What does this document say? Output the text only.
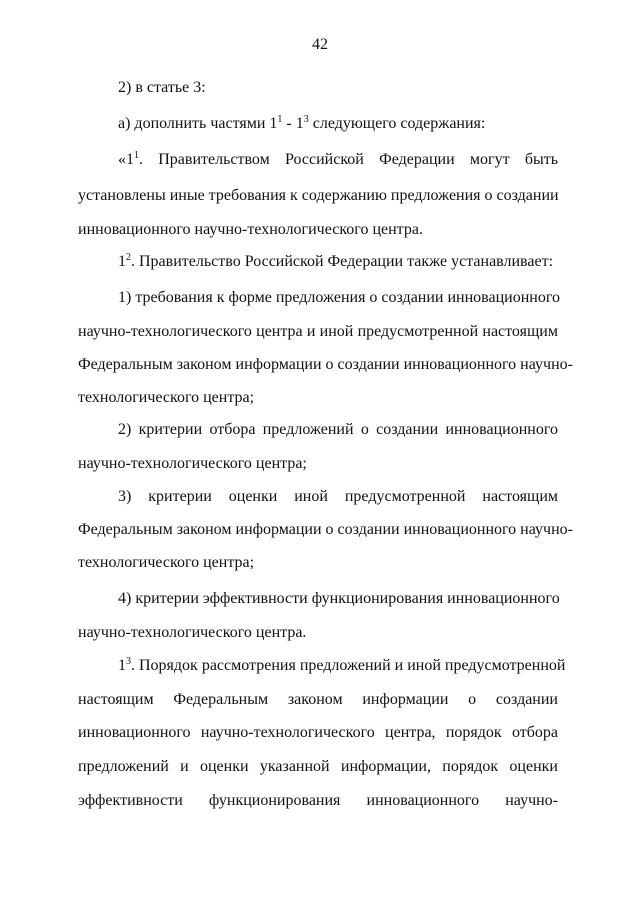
42
2) в статье 3:
а) дополнить частями $1^1 - 1^3$ следующего содержания:
«$1^1$. Правительством Российской Федерации могут быть
установлены иные требования к содержанию предложения о создании
инновационного научно-технологического центра.
$1^2$. Правительство Российской Федерации также устанавливает:
1) требования к форме предложения о создании инновационного
научно-технологического центра и иной предусмотренной настоящим
Федеральным законом информации о создании инновационного научно-
технологического центра;
2) критерии отбора предложений о создании инновационного
научно-технологического центра;
3) критерии оценки иной предусмотренной настоящим
Федеральным законом информации о создании инновационного научно-
технологического центра;
4) критерии эффективности функционирования инновационного
научно-технологического центра.
$1^3$. Порядок рассмотрения предложений и иной предусмотренной
настоящим Федеральным законом информации о создании
инновационного научно-технологического центра, порядок отбора
предложений и оценки указанной информации, порядок оценки
эффективности функционирования инновационного научно-
